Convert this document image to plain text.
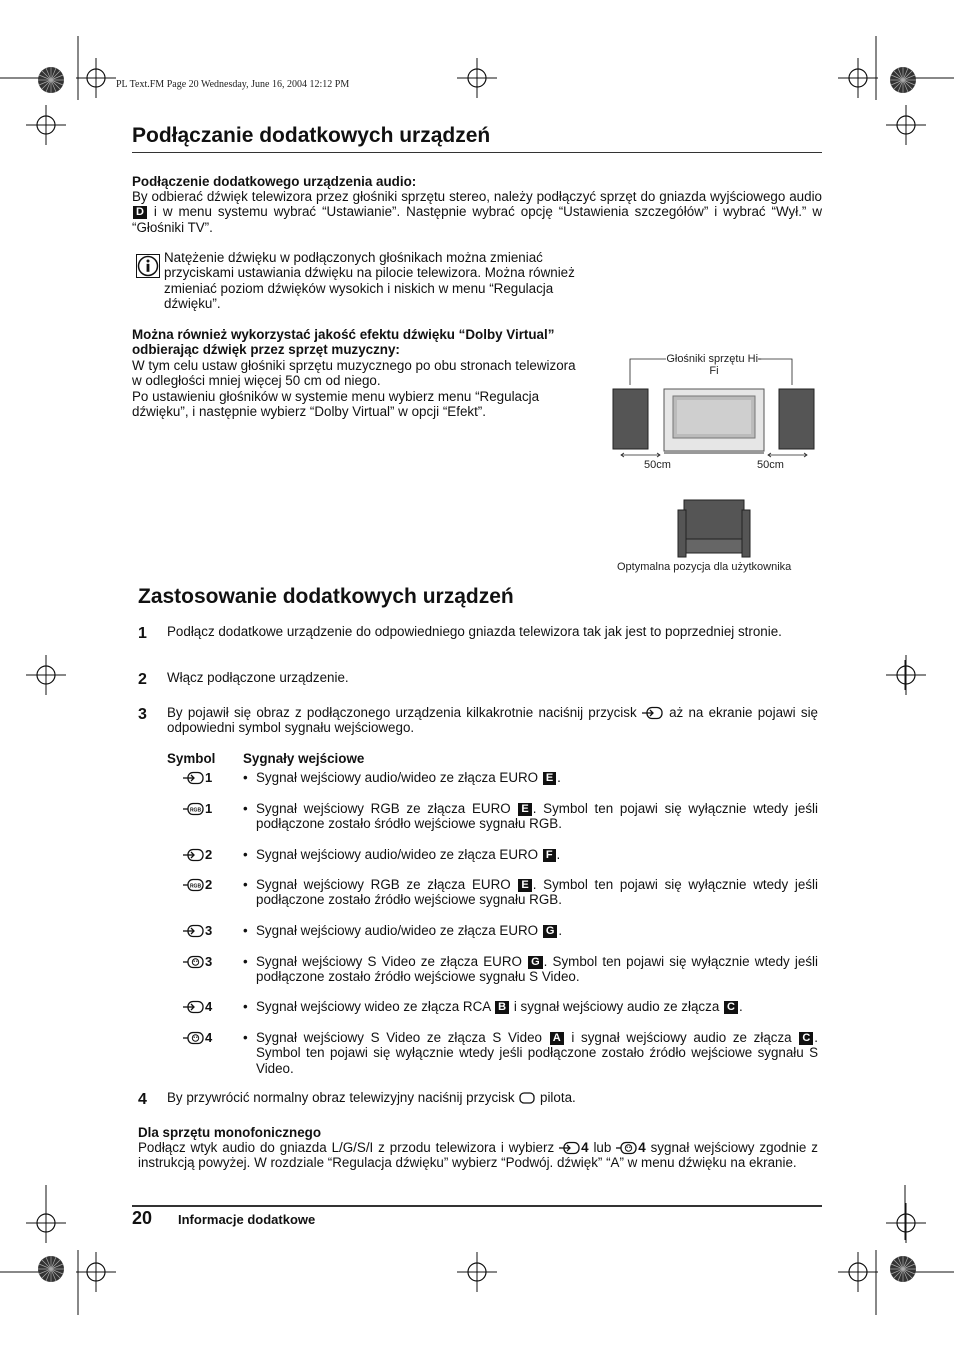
PL Text.FM Page 20 Wednesday, June 16, 2004 12:12 PM
Podłączanie dodatkowych urządzeń
Podłączenie dodatkowego urządzenia audio:
By odbierać dźwięk telewizora przez głośniki sprzętu stereo, należy podłączyć sprzęt do gniazda wyjściowego audio D i w menu systemu wybrać “Ustawianie”. Następnie wybrać opcję “Ustawienia szczegółów” i wybrać “Wył.” w “Głośniki TV”.
Natężenie dźwięku w podłączonych głośnikach można zmieniać przyciskami ustawiania dźwięku na pilocie telewizora. Można również zmieniać poziom dźwięków wysokich i niskich w menu “Regulacja dźwięku”.
Można również wykorzystać jakość efektu dźwięku “Dolby Virtual” odbierając dźwięk przez sprzęt muzyczny:
W tym celu ustaw głośniki sprzętu muzycznego po obu stronach telewizora w odległości mniej więcej 50 cm od niego.
Po ustawieniu głośników w systemie menu wybierz menu “Regulacja dźwięku”, i następnie wybierz “Dolby Virtual” w opcji “Efekt”.
Głośniki sprzętu Hi-Fi
50cm	50cm
Optymalna pozycja dla użytkownika
Zastosowanie dodatkowych urządzeń
1 Podłącz dodatkowe urządzenie do odpowiedniego gniazda telewizora tak jak jest to poprzedniej stronie.
2 Włącz podłączone urządzenie.
3 By pojawił się obraz z podłączonego urządzenia kilkakrotnie naciśnij przycisk aż na ekranie pojawi się odpowiedni symbol sygnału wejściowego.
Symbol Sygnały wejściowe
1 • Sygnał wejściowy audio/wideo ze złącza EURO E .
1 • Sygnał wejściowy RGB ze złącza EURO E . Symbol ten pojawi się wyłącznie wtedy jeśli podłączone zostało śródło wejściowe sygnału RGB.
2 • Sygnał wejściowy audio/wideo ze złącza EURO F .
2 • Sygnał wejściowy RGB ze złącza EURO E . Symbol ten pojawi się wyłącznie wtedy jeśli podłączone zostało źródło wejściowe sygnału RGB.
3 • Sygnał wejściowy audio/wideo ze złącza EURO G .
3 • Sygnał wejściowy S Video ze złącza EURO G . Symbol ten pojawi się wyłącznie wtedy jeśli podłączone zostało źródło wejściowe sygnału S Video.
4 • Sygnał wejściowy wideo ze złącza RCA B i sygnał wejściowy audio ze złącza C .
4 • Sygnał wejściowy S Video ze złącza S Video A i sygnał wejściowy audio ze złącza C . Symbol ten pojawi się wyłącznie wtedy jeśli podłączone zostało źródło wejściowe sygnału S Video.
4 By przywrócić normalny obraz telewizyjny naciśnij przycisk pilota.
Dla sprzętu monofonicznego
Podłącz wtyk audio do gniazda L/G/S/I z przodu telewizora i wybierz 4 lub 4 sygnał wejściowy zgodnie z instrukcją powyżej. W rozdziale “Regulacja dźwięku” wybierz “Podwój. dźwięk” “A” w menu dźwięku na ekranie.
20 Informacje dodatkowe
